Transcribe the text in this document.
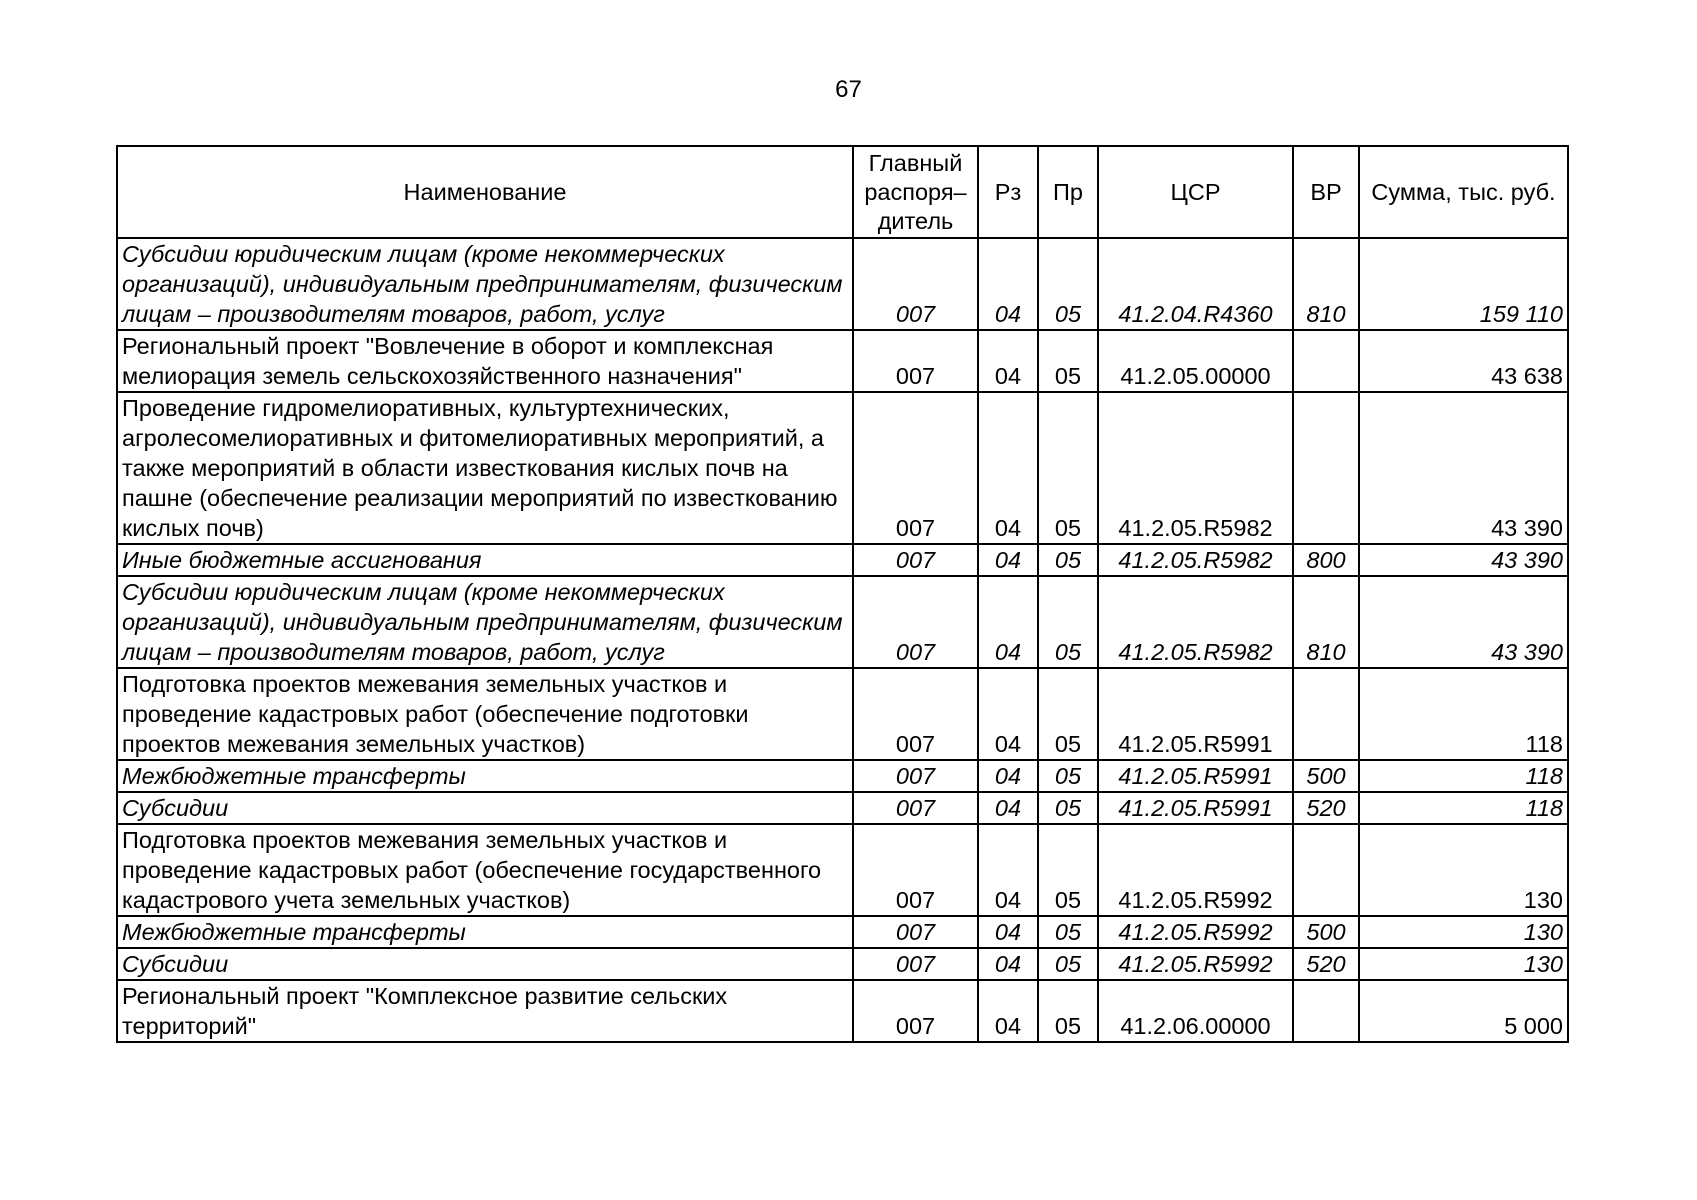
67
Наименование	Главный распоря– дитель	Рз	Пр	ЦСР	ВР	Сумма, тыс. руб.
Субсидии юридическим лицам (кроме некоммерческих организаций), индивидуальным предпринимателям, физическим лицам – производителям товаров, работ, услуг	007	04	05	41.2.04.R4360	810	159 110
Региональный проект "Вовлечение в оборот и комплексная мелиорация земель сельскохозяйственного назначения"	007	04	05	41.2.05.00000		43 638
Проведение гидромелиоративных, культуртехнических, агролесомелиоративных и фитомелиоративных мероприятий, а также мероприятий в области известкования кислых почв на пашне (обеспечение реализации мероприятий по известкованию кислых почв)	007	04	05	41.2.05.R5982		43 390
Иные бюджетные ассигнования	007	04	05	41.2.05.R5982	800	43 390
Субсидии юридическим лицам (кроме некоммерческих организаций), индивидуальным предпринимателям, физическим лицам – производителям товаров, работ, услуг	007	04	05	41.2.05.R5982	810	43 390
Подготовка проектов межевания земельных участков и проведение кадастровых работ (обеспечение подготовки проектов межевания земельных участков)	007	04	05	41.2.05.R5991		118
Межбюджетные трансферты	007	04	05	41.2.05.R5991	500	118
Субсидии	007	04	05	41.2.05.R5991	520	118
Подготовка проектов межевания земельных участков и проведение кадастровых работ (обеспечение государственного кадастрового учета земельных участков)	007	04	05	41.2.05.R5992		130
Межбюджетные трансферты	007	04	05	41.2.05.R5992	500	130
Субсидии	007	04	05	41.2.05.R5992	520	130
Региональный проект "Комплексное развитие сельских территорий"	007	04	05	41.2.06.00000		5 000
